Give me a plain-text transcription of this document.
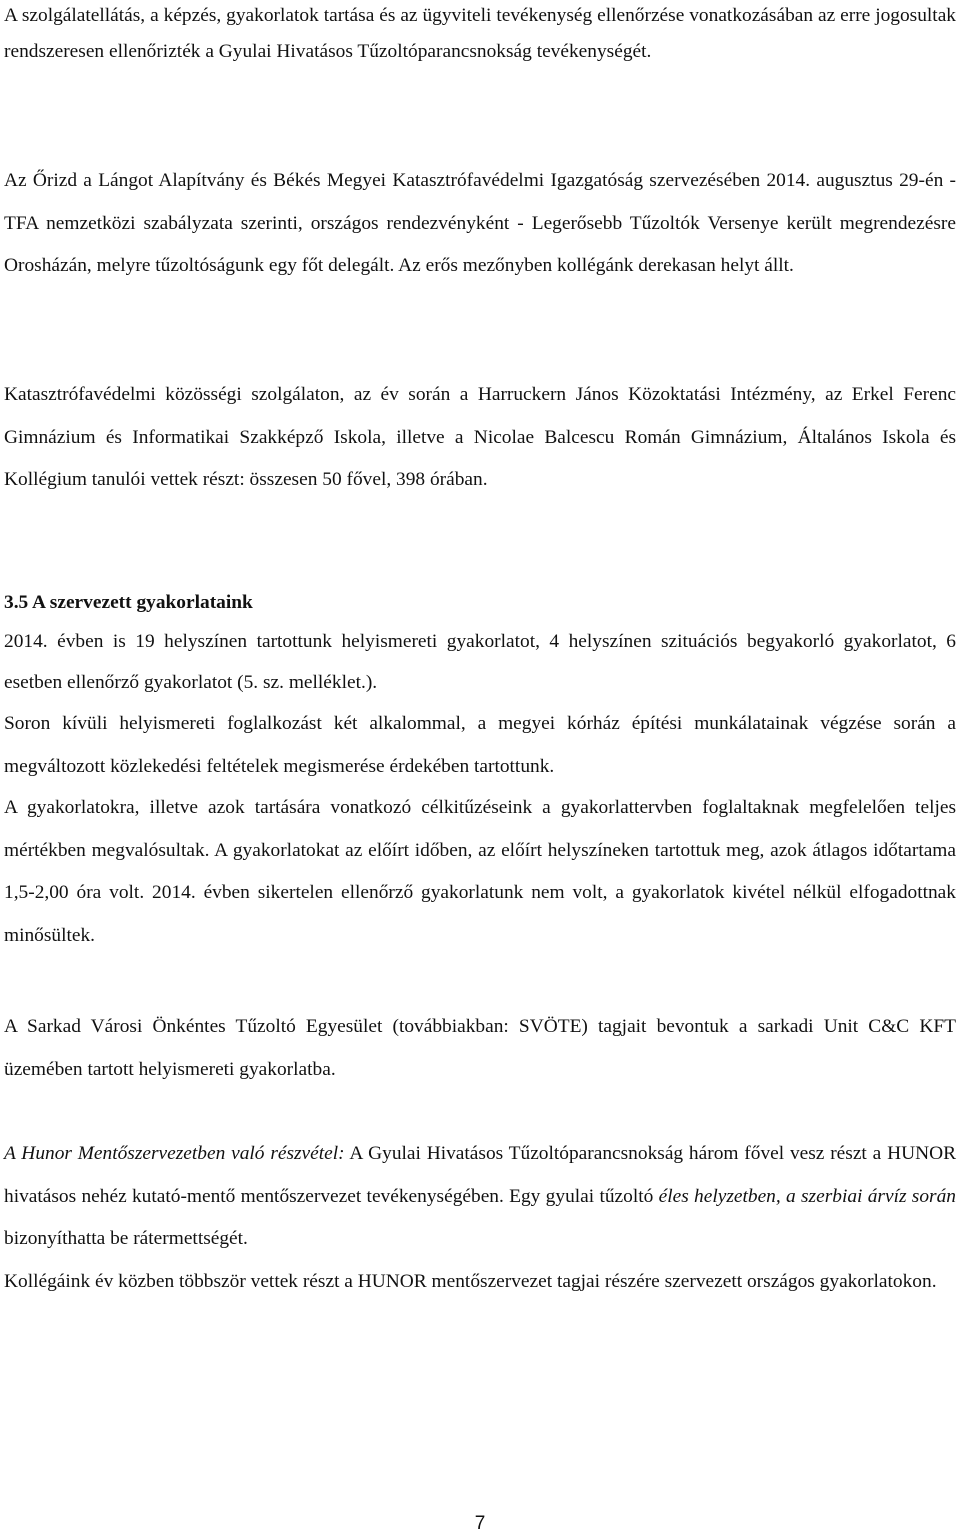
A szolgálatellátás, a képzés, gyakorlatok tartása és az ügyviteli tevékenység ellenőrzése vonatkozásában az erre jogosultak rendszeresen ellenőrizték a Gyulai Hivatásos Tűzoltóparancsnokság tevékenységét.

Az Őrizd a Lángot Alapítvány és Békés Megyei Katasztrófavédelmi Igazgatóság szervezésében 2014. augusztus 29-én - TFA nemzetközi szabályzata szerinti, országos rendezvényként - Legerősebb Tűzoltók Versenye került megrendezésre Orosházán, melyre tűzoltóságunk egy főt delegált. Az erős mezőnyben kollégánk derekasan helyt állt.

Katasztrófavédelmi közösségi szolgálaton, az év során a Harruckern János Közoktatási Intézmény, az Erkel Ferenc Gimnázium és Informatikai Szakképző Iskola, illetve a Nicolae Balcescu Román Gimnázium, Általános Iskola és Kollégium tanulói vettek részt: összesen 50 fővel, 398 órában.

3.5 A szervezett gyakorlataink

2014. évben is 19 helyszínen tartottunk helyismereti gyakorlatot, 4 helyszínen szituációs begyakorló gyakorlatot, 6 esetben ellenőrző gyakorlatot (5. sz. melléklet.).

Soron kívüli helyismereti foglalkozást két alkalommal, a megyei kórház építési munkálatainak végzése során a megváltozott közlekedési feltételek megismerése érdekében tartottunk.

A gyakorlatokra, illetve azok tartására vonatkozó célkitűzéseink a gyakorlattervben foglaltaknak megfelelően teljes mértékben megvalósultak. A gyakorlatokat az előírt időben, az előírt helyszíneken tartottuk meg, azok átlagos időtartama 1,5-2,00 óra volt. 2014. évben sikertelen ellenőrző gyakorlatunk nem volt, a gyakorlatok kivétel nélkül elfogadottnak minősültek.

A Sarkad Városi Önkéntes Tűzoltó Egyesület (továbbiakban: SVÖTE) tagjait bevontuk a sarkadi Unit C&C KFT üzemében tartott helyismereti gyakorlatba.

A Hunor Mentőszervezetben való részvétel: A Gyulai Hivatásos Tűzoltóparancsnokság három fővel vesz részt a HUNOR hivatásos nehéz kutató-mentő mentőszervezet tevékenységében. Egy gyulai tűzoltó éles helyzetben, a szerbiai árvíz során bizonyíthatta be rátermettségét.

Kollégáink év közben többször vettek részt a HUNOR mentőszervezet tagjai részére szervezett országos gyakorlatokon.

7
